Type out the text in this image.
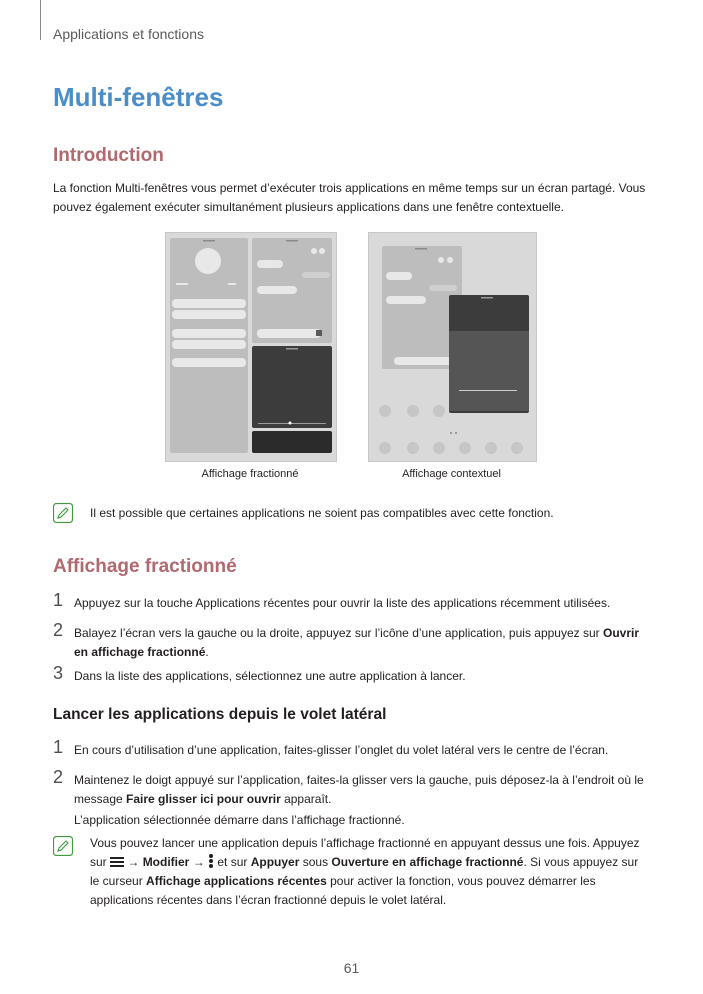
Applications et fonctions
Multi-fenêtres
Introduction

La fonction Multi-fenêtres vous permet d’exécuter trois applications en même temps sur un écran partagé. Vous pouvez également exécuter simultanément plusieurs applications dans une fenêtre contextuelle.

Affichage fractionné	Affichage contextuel
Il est possible que certaines applications ne soient pas compatibles avec cette fonction.
Affichage fractionné
1 Appuyez sur la touche Applications récentes pour ouvrir la liste des applications récemment utilisées.
2 Balayez l’écran vers la gauche ou la droite, appuyez sur l’icône d’une application, puis appuyez sur Ouvrir en affichage fractionné.
3 Dans la liste des applications, sélectionnez une autre application à lancer.
Lancer les applications depuis le volet latéral
1 En cours d’utilisation d’une application, faites-glisser l’onglet du volet latéral vers le centre de l’écran.
2 Maintenez le doigt appuyé sur l’application, faites-la glisser vers la gauche, puis déposez-la à l’endroit où le message Faire glisser ici pour ouvrir apparaît.
L’application sélectionnée démarre dans l’affichage fractionné.
Vous pouvez lancer une application depuis l’affichage fractionné en appuyant dessus une fois. Appuyez sur
→ Modifier →
et sur Appuyer sous Ouverture en affichage fractionné. Si vous appuyez sur le curseur Affichage applications récentes pour activer la fonction, vous pouvez démarrer les applications récentes dans l’écran fractionné depuis le volet latéral.
61
